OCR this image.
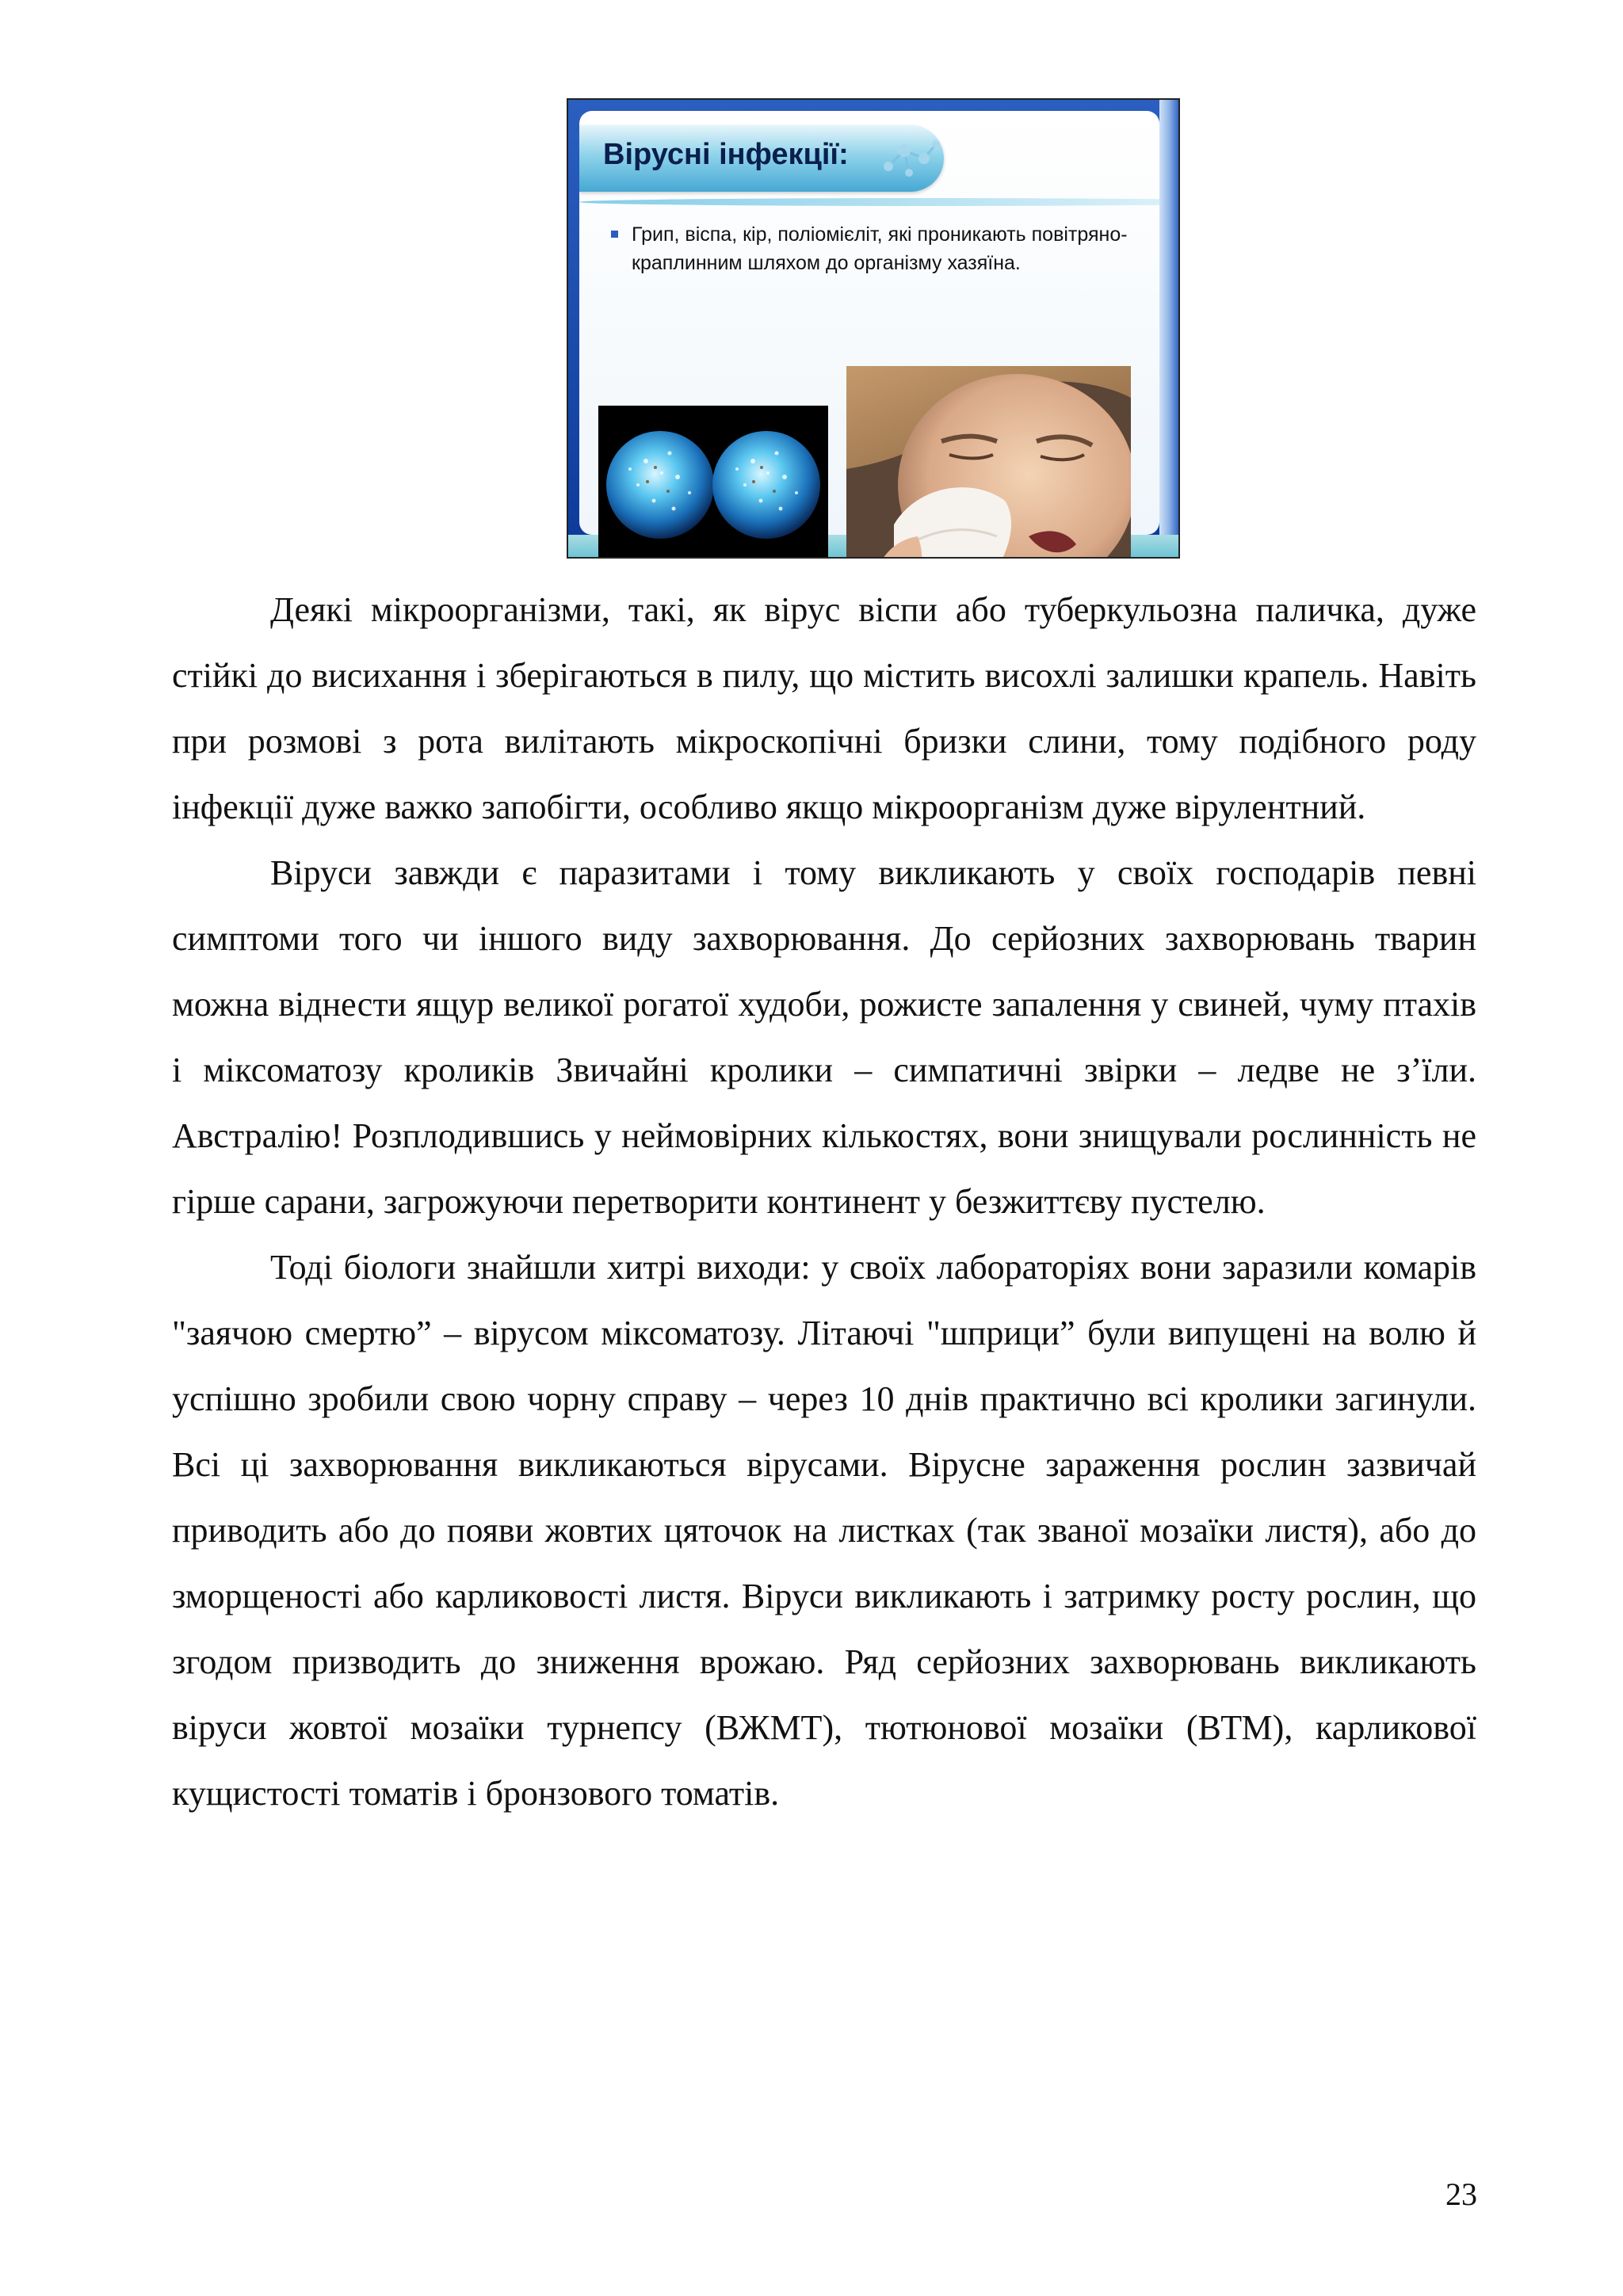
Вірусні інфекції:
Грип, віспа, кір, поліомієліт, які проникають повітряно-краплинним шляхом до організму хазяїна.

Деякі мікроорганізми, такі, як вірус віспи або туберкульозна паличка, дуже стійкі до висихання і зберігаються в пилу, що містить висохлі залишки крапель. Навіть при розмові з рота вилітають мікроскопічні бризки слини, тому подібного роду інфекції дуже важко запобігти, особливо якщо мікроорганізм дуже вірулентний.

Віруси завжди є паразитами і тому викликають у своїх господарів певні симптоми того чи іншого виду захворювання. До серйозних захворювань тварин можна віднести ящур великої рогатої худоби, рожисте запалення у свиней, чуму птахів і міксоматозу кроликів Звичайні кролики – симпатичні звірки – ледве не з’їли. Австралію! Розплодившись у неймовірних кількостях, вони знищували рослинність не гірше сарани, загрожуючи перетворити континент у безжиттєву пустелю.

Тоді біологи знайшли хитрі виходи: у своїх лабораторіях вони заразили комарів "заячою смертю” – вірусом міксоматозу. Літаючі "шприци” були випущені на волю й успішно зробили свою чорну справу – через 10 днів практично всі кролики загинули. Всі ці захворювання викликаються вірусами. Вірусне зараження рослин зазвичай приводить або до появи жовтих цяточок на листках (так званої мозаїки листя), або до зморщеності або карликовості листя. Віруси викликають і затримку росту рослин, що згодом призводить до зниження врожаю. Ряд серйозних захворювань викликають віруси жовтої мозаїки турнепсу (ВЖМТ), тютюнової мозаїки (ВТМ), карликової кущистості томатів і бронзового томатів.

23
